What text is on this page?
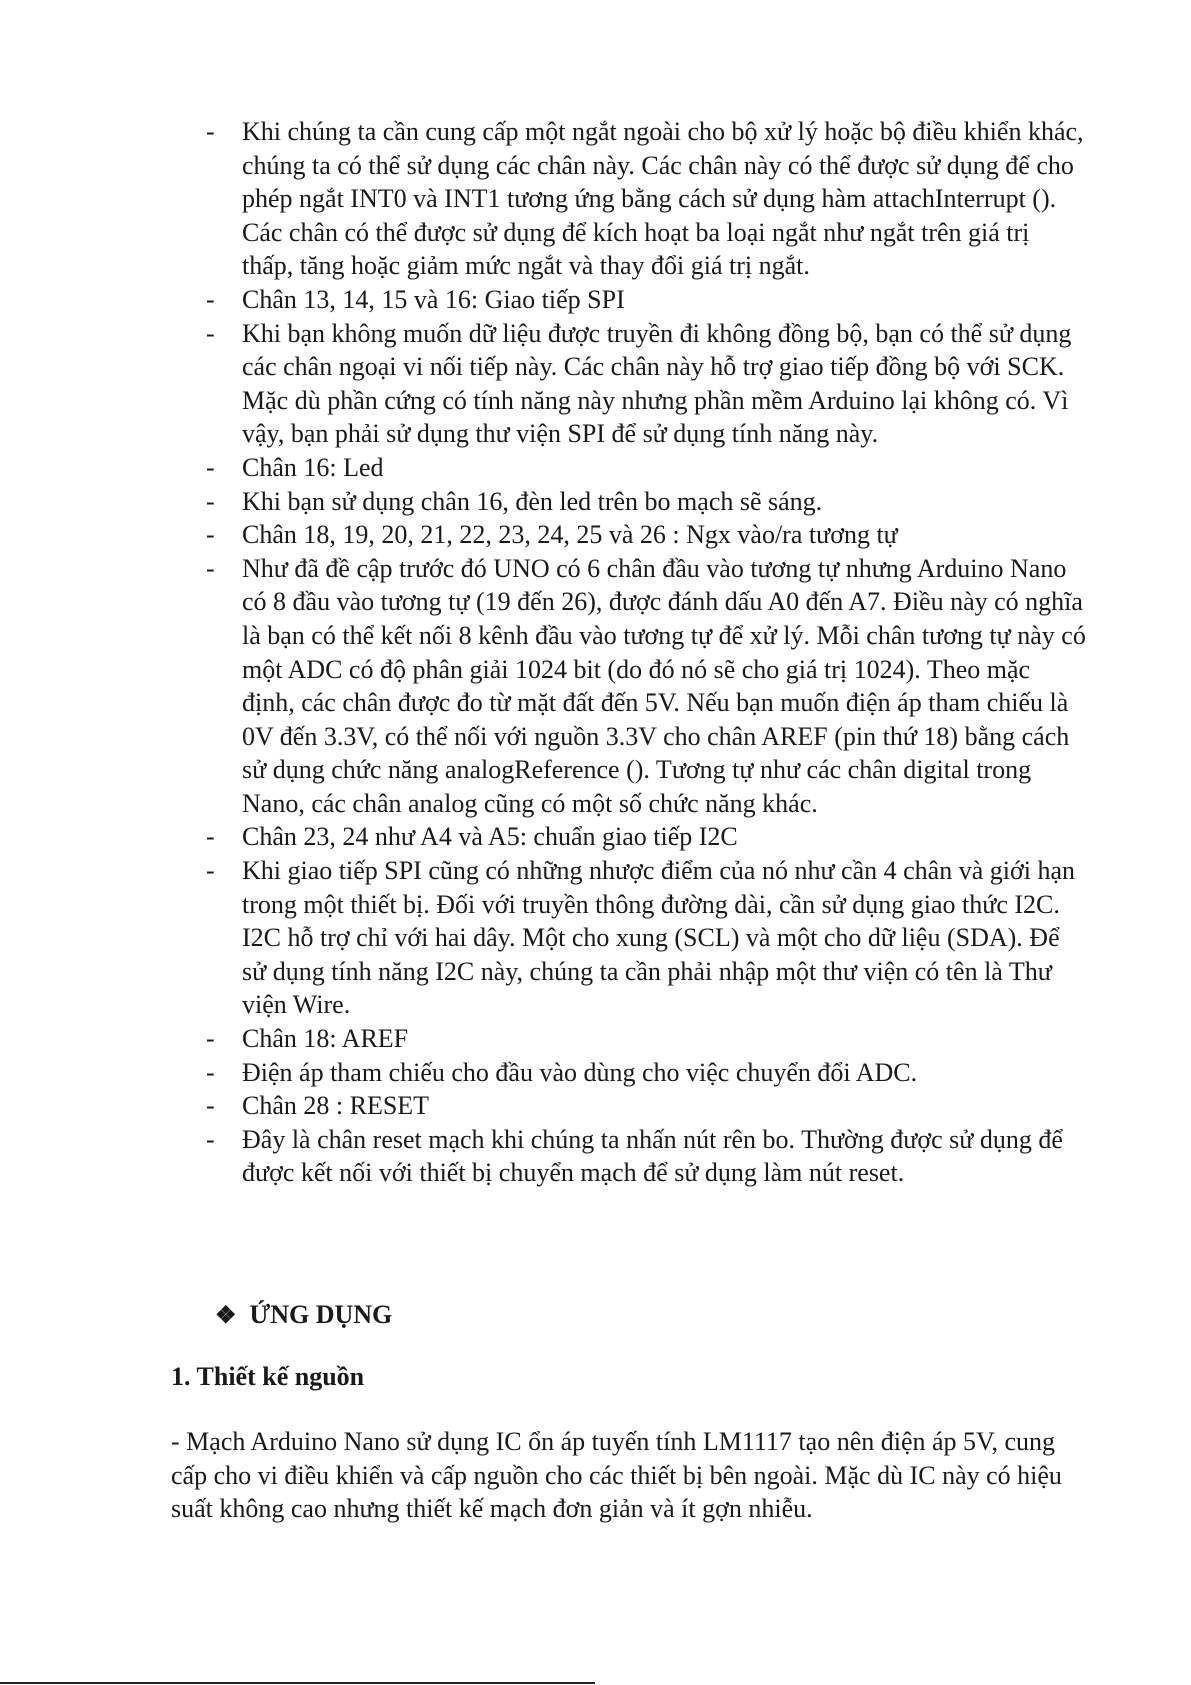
- Khi chúng ta cần cung cấp một ngắt ngoài cho bộ xử lý hoặc bộ điều khiển khác, chúng ta có thể sử dụng các chân này. Các chân này có thể được sử dụng để cho phép ngắt INT0 và INT1 tương ứng bằng cách sử dụng hàm attachInterrupt (). Các chân có thể được sử dụng để kích hoạt ba loại ngắt như ngắt trên giá trị thấp, tăng hoặc giảm mức ngắt và thay đổi giá trị ngắt.
- Chân 13, 14, 15 và 16: Giao tiếp SPI
- Khi bạn không muốn dữ liệu được truyền đi không đồng bộ, bạn có thể sử dụng các chân ngoại vi nối tiếp này. Các chân này hỗ trợ giao tiếp đồng bộ với SCK. Mặc dù phần cứng có tính năng này nhưng phần mềm Arduino lại không có. Vì vậy, bạn phải sử dụng thư viện SPI để sử dụng tính năng này.
- Chân 16: Led
- Khi bạn sử dụng chân 16, đèn led trên bo mạch sẽ sáng.
- Chân 18, 19, 20, 21, 22, 23, 24, 25 và 26 : Ngx vào/ra tương tự
- Như đã đề cập trước đó UNO có 6 chân đầu vào tương tự nhưng Arduino Nano có 8 đầu vào tương tự (19 đến 26), được đánh dấu A0 đến A7. Điều này có nghĩa là bạn có thể kết nối 8 kênh đầu vào tương tự để xử lý. Mỗi chân tương tự này có một ADC có độ phân giải 1024 bit (do đó nó sẽ cho giá trị 1024). Theo mặc định, các chân được đo từ mặt đất đến 5V. Nếu bạn muốn điện áp tham chiếu là 0V đến 3.3V, có thể nối với nguồn 3.3V cho chân AREF (pin thứ 18) bằng cách sử dụng chức năng analogReference (). Tương tự như các chân digital trong Nano, các chân analog cũng có một số chức năng khác.
- Chân 23, 24 như A4 và A5: chuẩn giao tiếp I2C
- Khi giao tiếp SPI cũng có những nhược điểm của nó như cần 4 chân và giới hạn trong một thiết bị. Đối với truyền thông đường dài, cần sử dụng giao thức I2C. I2C hỗ trợ chỉ với hai dây. Một cho xung (SCL) và một cho dữ liệu (SDA). Để sử dụng tính năng I2C này, chúng ta cần phải nhập một thư viện có tên là Thư viện Wire.
- Chân 18: AREF
- Điện áp tham chiếu cho đầu vào dùng cho việc chuyển đổi ADC.
- Chân 28 : RESET
- Đây là chân reset mạch khi chúng ta nhấn nút rên bo. Thường được sử dụng để được kết nối với thiết bị chuyển mạch để sử dụng làm nút reset.
❖ ỨNG DỤNG
1. Thiết kế nguồn

- Mạch Arduino Nano sử dụng IC ổn áp tuyến tính LM1117 tạo nên điện áp 5V, cung cấp cho vi điều khiển và cấp nguồn cho các thiết bị bên ngoài. Mặc dù IC này có hiệu suất không cao nhưng thiết kế mạch đơn giản và ít gợn nhiễu.
